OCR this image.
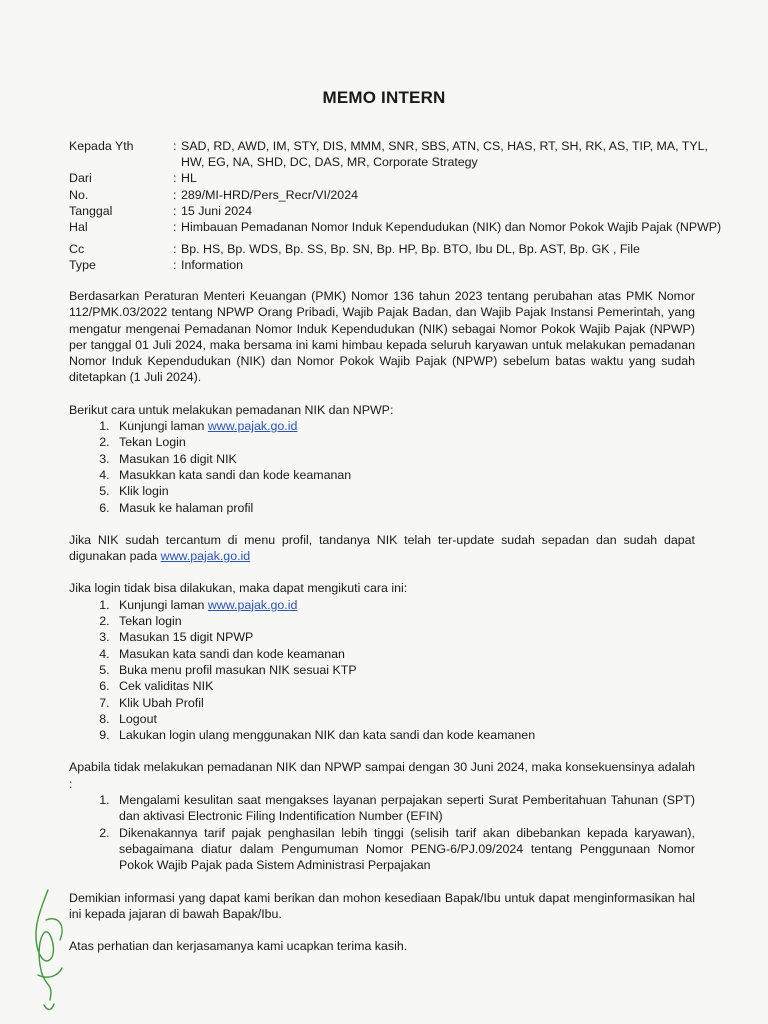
MEMO INTERN
Kepada Yth	: SAD, RD, AWD, IM, STY, DIS, MMM, SNR, SBS, ATN, CS, HAS, RT, SH, RK, AS, TIP, MA, TYL, HW, EG, NA, SHD, DC, DAS, MR, Corporate Strategy
Dari	: HL
No.	: 289/MI-HRD/Pers_Recr/VI/2024
Tanggal	: 15 Juni 2024
Hal	: Himbauan Pemadanan Nomor Induk Kependudukan (NIK) dan Nomor Pokok Wajib Pajak (NPWP)
Cc	: Bp. HS, Bp. WDS, Bp. SS, Bp. SN, Bp. HP, Bp. BTO, Ibu DL, Bp. AST, Bp. GK , File
Type	: Information

Berdasarkan Peraturan Menteri Keuangan (PMK) Nomor 136 tahun 2023 tentang perubahan atas PMK Nomor 112/PMK.03/2022 tentang NPWP Orang Pribadi, Wajib Pajak Badan, dan Wajib Pajak Instansi Pemerintah, yang mengatur mengenai Pemadanan Nomor Induk Kependudukan (NIK) sebagai Nomor Pokok Wajib Pajak (NPWP) per tanggal 01 Juli 2024, maka bersama ini kami himbau kepada seluruh karyawan untuk melakukan pemadanan Nomor Induk Kependudukan (NIK) dan Nomor Pokok Wajib Pajak (NPWP) sebelum batas waktu yang sudah ditetapkan (1 Juli 2024).

Berikut cara untuk melakukan pemadanan NIK dan NPWP:

1. Kunjungi laman www.pajak.go.id
2. Tekan Login
3. Masukan 16 digit NIK
4. Masukkan kata sandi dan kode keamanan
5. Klik login
6. Masuk ke halaman profil

Jika NIK sudah tercantum di menu profil, tandanya NIK telah ter-update sudah sepadan dan sudah dapat digunakan pada www.pajak.go.id

Jika login tidak bisa dilakukan, maka dapat mengikuti cara ini:

1. Kunjungi laman www.pajak.go.id
2. Tekan login
3. Masukan 15 digit NPWP
4. Masukan kata sandi dan kode keamanan
5. Buka menu profil masukan NIK sesuai KTP
6. Cek validitas NIK
7. Klik Ubah Profil
8. Logout
9. Lakukan login ulang menggunakan NIK dan kata sandi dan kode keamanen

Apabila tidak melakukan pemadanan NIK dan NPWP sampai dengan 30 Juni 2024, maka konsekuensinya adalah :

1. Mengalami kesulitan saat mengakses layanan perpajakan seperti Surat Pemberitahuan Tahunan (SPT) dan aktivasi Electronic Filing Indentification Number (EFIN)
2. Dikenakannya tarif pajak penghasilan lebih tinggi (selisih tarif akan dibebankan kepada karyawan), sebagaimana diatur dalam Pengumuman Nomor PENG-6/PJ.09/2024 tentang Penggunaan Nomor Pokok Wajib Pajak pada Sistem Administrasi Perpajakan

Demikian informasi yang dapat kami berikan dan mohon kesediaan Bapak/Ibu untuk dapat menginformasikan hal ini kepada jajaran di bawah Bapak/Ibu.

Atas perhatian dan kerjasamanya kami ucapkan terima kasih.
